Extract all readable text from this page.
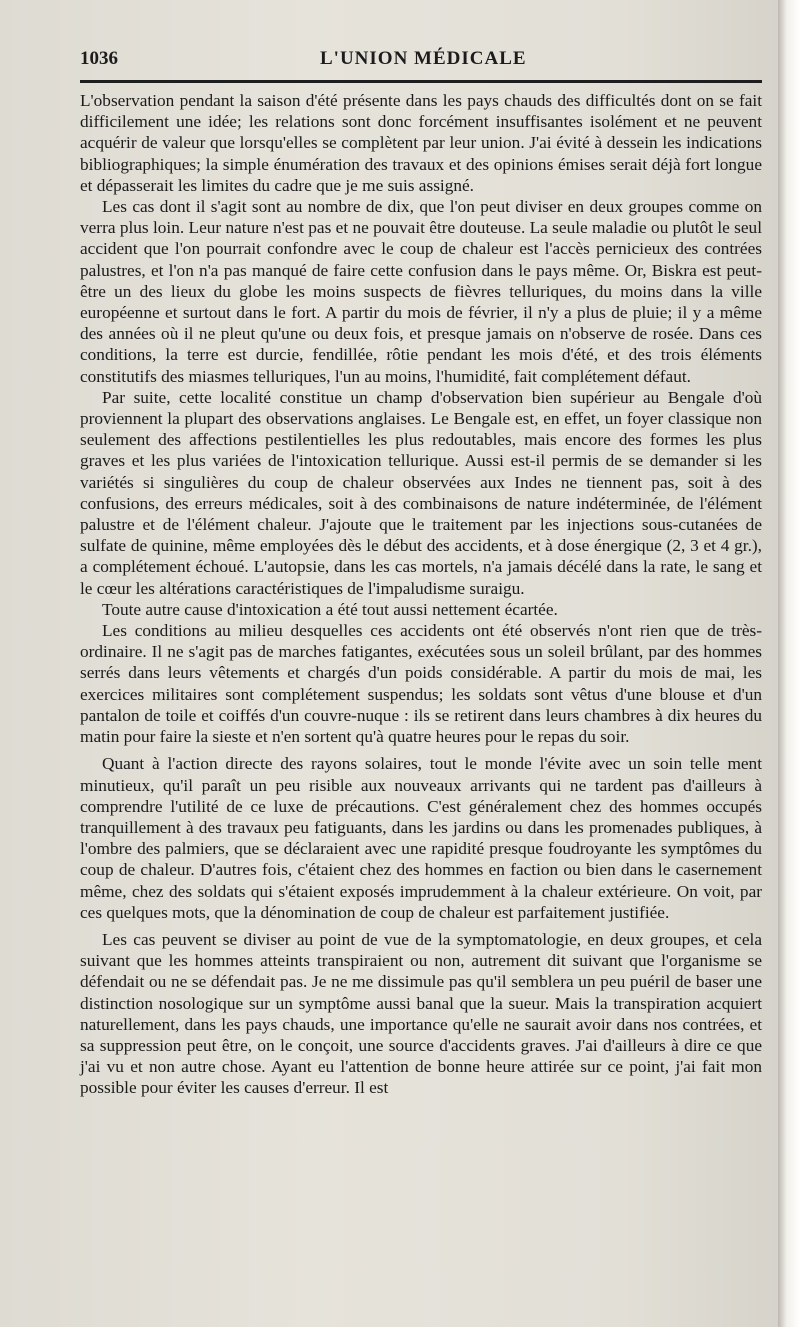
1036	L'UNION MÉDICALE

L'observation pendant la saison d'été présente dans les pays chauds des difficultés dont on se fait difficilement une idée; les relations sont donc forcément insuffisantes isolément et ne peuvent acquérir de valeur que lorsqu'elles se complètent par leur union. J'ai évité à dessein les indications bibliographiques; la simple énumération des travaux et des opinions émises serait déjà fort longue et dépasserait les limites du cadre que je me suis assigné.

Les cas dont il s'agit sont au nombre de dix, que l'on peut diviser en deux groupes comme on verra plus loin. Leur nature n'est pas et ne pouvait être douteuse. La seule maladie ou plutôt le seul accident que l'on pourrait confondre avec le coup de chaleur est l'accès pernicieux des contrées palustres, et l'on n'a pas manqué de faire cette confusion dans le pays même. Or, Biskra est peut-être un des lieux du globe les moins suspects de fièvres telluriques, du moins dans la ville européenne et surtout dans le fort. A partir du mois de février, il n'y a plus de pluie; il y a même des années où il ne pleut qu'une ou deux fois, et presque jamais on n'observe de rosée. Dans ces conditions, la terre est durcie, fendillée, rôtie pendant les mois d'été, et des trois éléments constitutifs des miasmes telluriques, l'un au moins, l'humidité, fait complétement défaut.

Par suite, cette localité constitue un champ d'observation bien supérieur au Bengale d'où proviennent la plupart des observations anglaises. Le Bengale est, en effet, un foyer classique non seulement des affections pestilentielles les plus redoutables, mais encore des formes les plus graves et les plus variées de l'intoxication tellurique. Aussi est-il permis de se demander si les variétés si singulières du coup de chaleur observées aux Indes ne tiennent pas, soit à des confusions, des erreurs médicales, soit à des combinaisons de nature indéterminée, de l'élément palustre et de l'élément chaleur. J'ajoute que le traitement par les injections sous-cutanées de sulfate de quinine, même employées dès le début des accidents, et à dose énergique (2, 3 et 4 gr.), a complétement échoué. L'autopsie, dans les cas mortels, n'a jamais décélé dans la rate, le sang et le cœur les altérations caractéristiques de l'impaludisme suraigu.

Toute autre cause d'intoxication a été tout aussi nettement écartée.

Les conditions au milieu desquelles ces accidents ont été observés n'ont rien que de très-ordinaire. Il ne s'agit pas de marches fatigantes, exécutées sous un soleil brûlant, par des hommes serrés dans leurs vêtements et chargés d'un poids considérable. A partir du mois de mai, les exercices militaires sont complétement suspendus; les soldats sont vêtus d'une blouse et d'un pantalon de toile et coiffés d'un couvre-nuque : ils se retirent dans leurs chambres à dix heures du matin pour faire la sieste et n'en sortent qu'à quatre heures pour le repas du soir.

Quant à l'action directe des rayons solaires, tout le monde l'évite avec un soin telle ment minutieux, qu'il paraît un peu risible aux nouveaux arrivants qui ne tardent pas d'ailleurs à comprendre l'utilité de ce luxe de précautions. C'est généralement chez des hommes occupés tranquillement à des travaux peu fatiguants, dans les jardins ou dans les promenades publiques, à l'ombre des palmiers, que se déclaraient avec une rapidité presque foudroyante les symptômes du coup de chaleur. D'autres fois, c'étaient chez des hommes en faction ou bien dans le casernement même, chez des soldats qui s'étaient exposés imprudemment à la chaleur extérieure. On voit, par ces quelques mots, que la dénomination de coup de chaleur est parfaitement justifiée.

Les cas peuvent se diviser au point de vue de la symptomatologie, en deux groupes, et cela suivant que les hommes atteints transpiraient ou non, autrement dit suivant que l'organisme se défendait ou ne se défendait pas. Je ne me dissimule pas qu'il semblera un peu puéril de baser une distinction nosologique sur un symptôme aussi banal que la sueur. Mais la transpiration acquiert naturellement, dans les pays chauds, une importance qu'elle ne saurait avoir dans nos contrées, et sa suppression peut être, on le conçoit, une source d'accidents graves. J'ai d'ailleurs à dire ce que j'ai vu et non autre chose. Ayant eu l'attention de bonne heure attirée sur ce point, j'ai fait mon possible pour éviter les causes d'erreur. Il est
